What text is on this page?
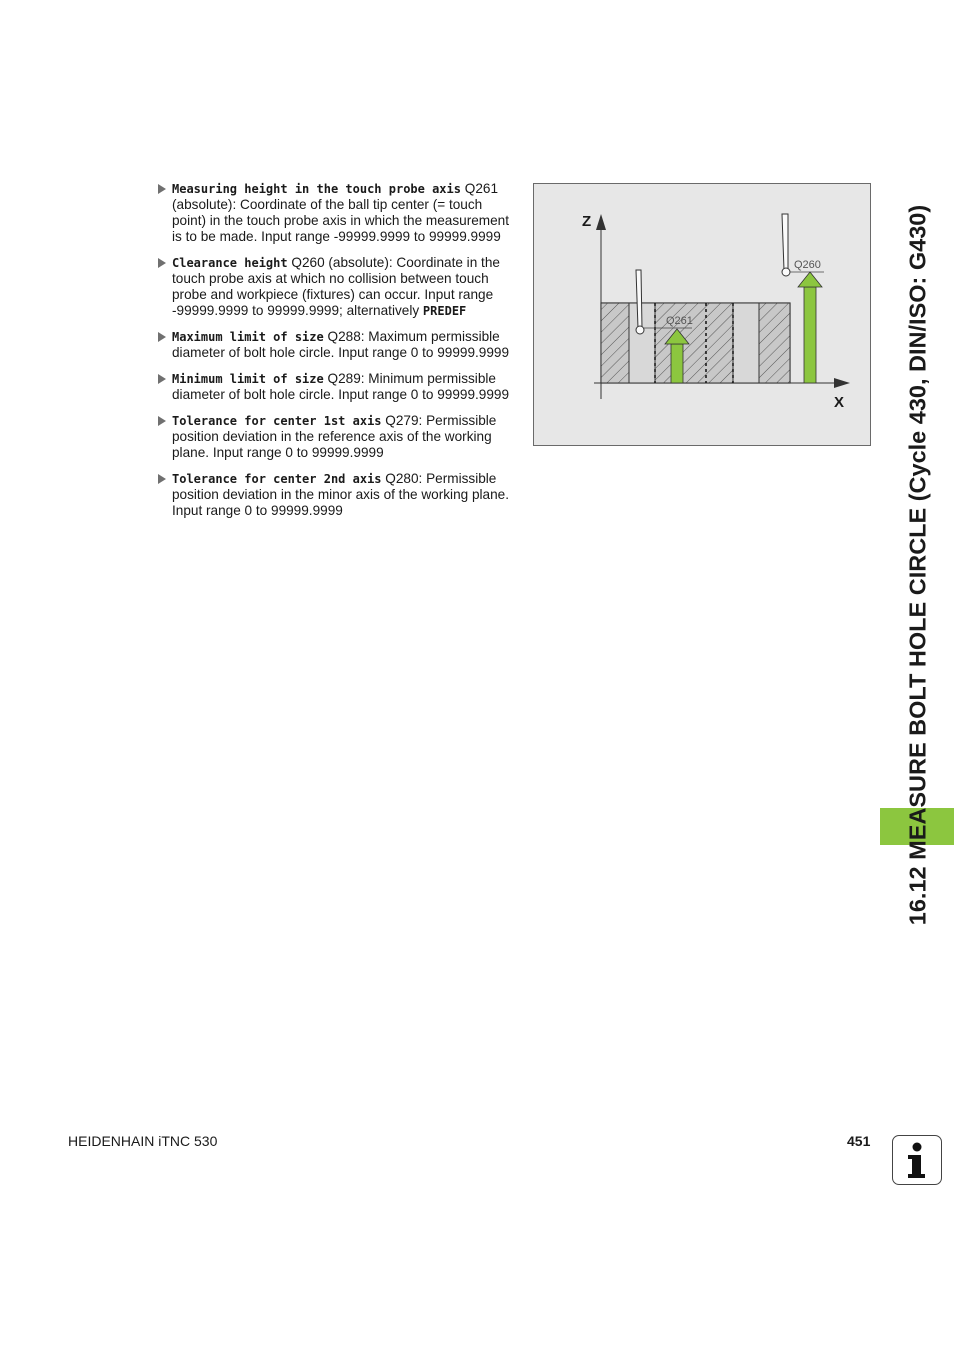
Measuring height in the touch probe axis Q261 (absolute): Coordinate of the ball tip center (= touch point) in the touch probe axis in which the measurement is to be made. Input range -99999.9999 to 99999.9999
Clearance height Q260 (absolute): Coordinate in the touch probe axis at which no collision between touch probe and workpiece (fixtures) can occur. Input range -99999.9999 to 99999.9999; alternatively PREDEF
Maximum limit of size Q288: Maximum permissible diameter of bolt hole circle. Input range 0 to 99999.9999
Minimum limit of size Q289: Minimum permissible diameter of bolt hole circle. Input range 0 to 99999.9999
Tolerance for center 1st axis Q279: Permissible position deviation in the reference axis of the working plane. Input range 0 to 99999.9999
Tolerance for center 2nd axis Q280: Permissible position deviation in the minor axis of the working plane. Input range 0 to 99999.9999
Z
X
Q261
Q260	16.12 MEASURE BOLT HOLE CIRCLE (Cycle 430, DIN/ISO: G430)
HEIDENHAIN iTNC 530	451
